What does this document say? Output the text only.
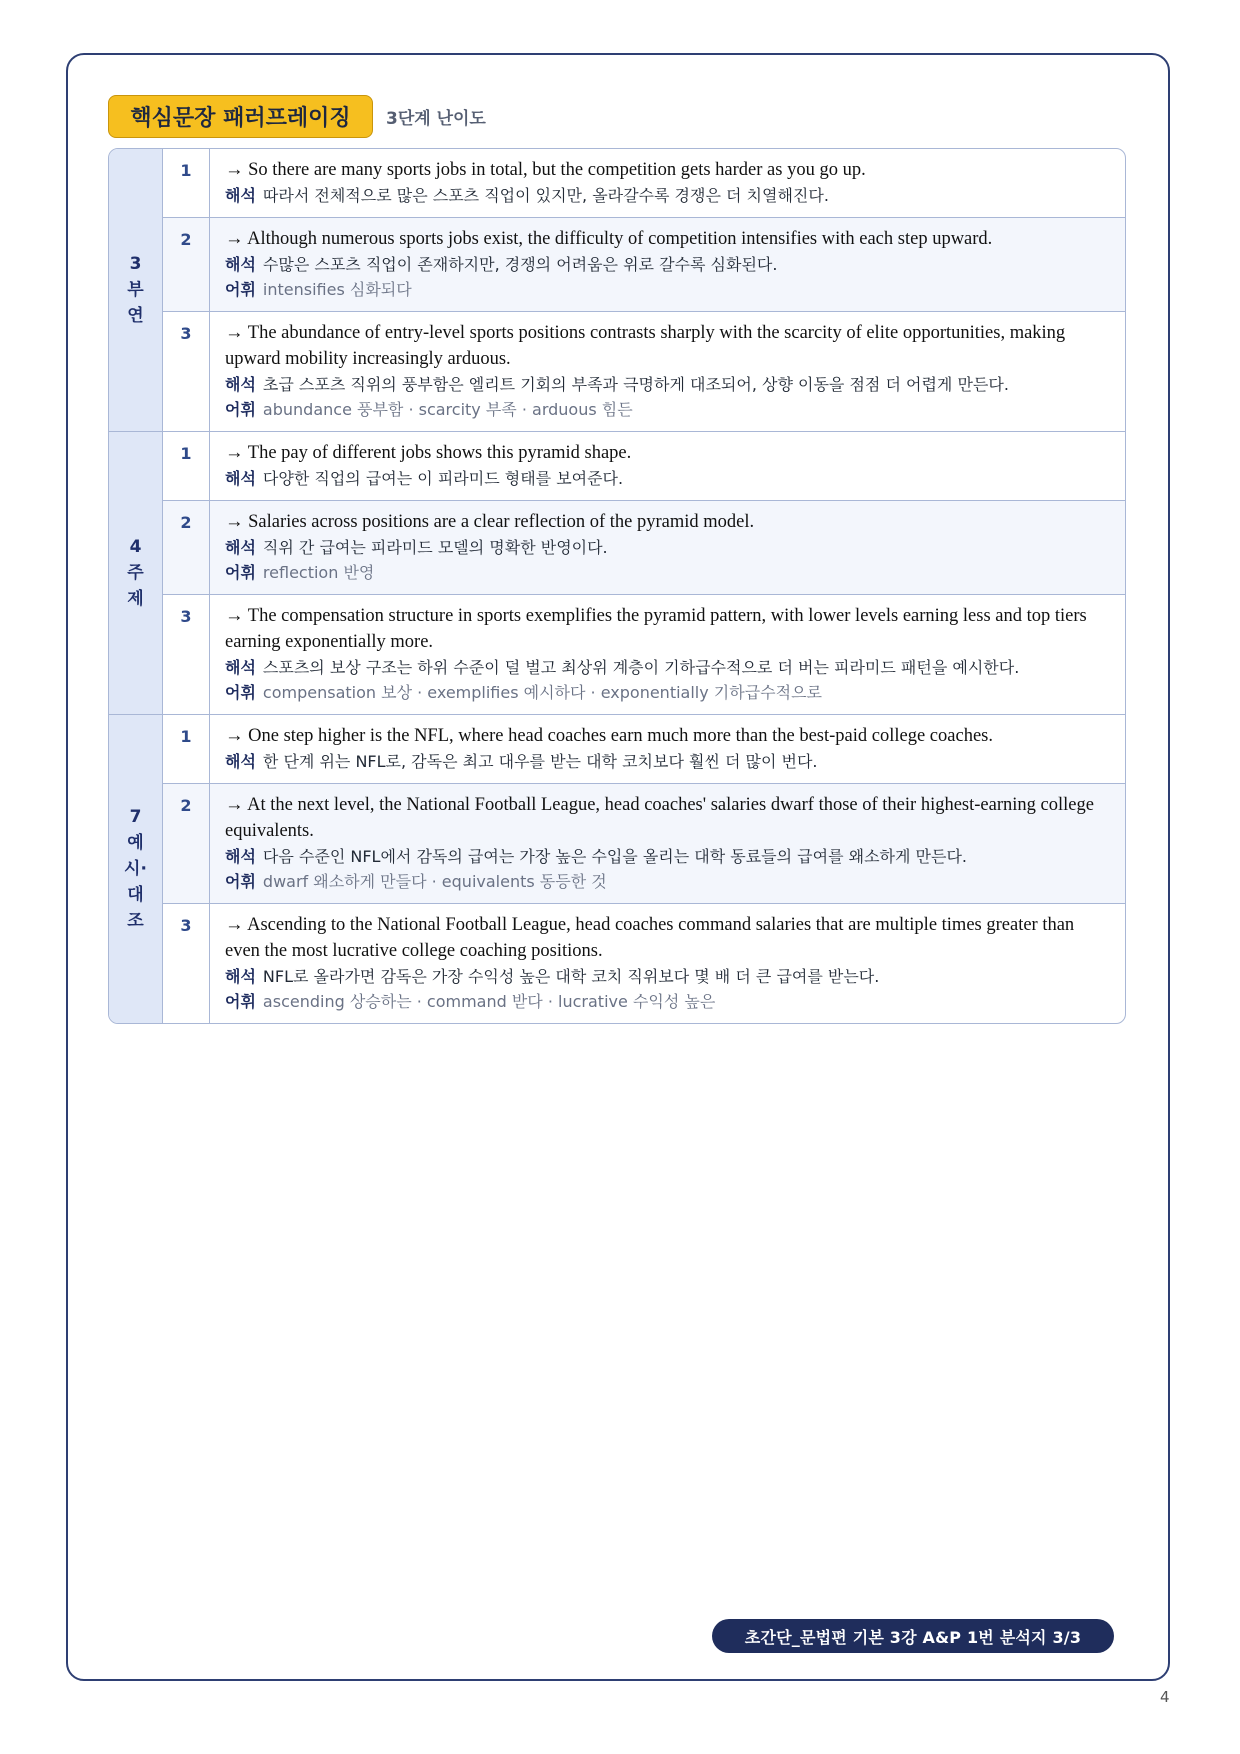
핵심문장 패러프레이징	3단계 난이도
3
부
연
1	→ So there are many sports jobs in total, but the competition gets harder as you go up.
해석 따라서 전체적으로 많은 스포츠 직업이 있지만, 올라갈수록 경쟁은 더 치열해진다.
2	→ Although numerous sports jobs exist, the difficulty of competition intensifies with each step upward.
해석 수많은 스포츠 직업이 존재하지만, 경쟁의 어려움은 위로 갈수록 심화된다.
어휘 intensifies 심화되다
3	→ The abundance of entry-level sports positions contrasts sharply with the scarcity of elite opportunities, making upward mobility increasingly arduous.
해석 초급 스포츠 직위의 풍부함은 엘리트 기회의 부족과 극명하게 대조되어, 상향 이동을 점점 더 어렵게 만든다.
어휘 abundance 풍부함 · scarcity 부족 · arduous 힘든
4
주
제
1	→ The pay of different jobs shows this pyramid shape.
해석 다양한 직업의 급여는 이 피라미드 형태를 보여준다.
2	→ Salaries across positions are a clear reflection of the pyramid model.
해석 직위 간 급여는 피라미드 모델의 명확한 반영이다.
어휘 reflection 반영
3	→ The compensation structure in sports exemplifies the pyramid pattern, with lower levels earning less and top tiers earning exponentially more.
해석 스포츠의 보상 구조는 하위 수준이 덜 벌고 최상위 계층이 기하급수적으로 더 버는 피라미드 패턴을 예시한다.
어휘 compensation 보상 · exemplifies 예시하다 · exponentially 기하급수적으로
7
예
시·
대
조
1	→ One step higher is the NFL, where head coaches earn much more than the best-paid college coaches.
해석 한 단계 위는 NFL로, 감독은 최고 대우를 받는 대학 코치보다 훨씬 더 많이 번다.
2	→ At the next level, the National Football League, head coaches' salaries dwarf those of their highest-earning college equivalents.
해석 다음 수준인 NFL에서 감독의 급여는 가장 높은 수입을 올리는 대학 동료들의 급여를 왜소하게 만든다.
어휘 dwarf 왜소하게 만들다 · equivalents 동등한 것
3	→ Ascending to the National Football League, head coaches command salaries that are multiple times greater than even the most lucrative college coaching positions.
해석 NFL로 올라가면 감독은 가장 수익성 높은 대학 코치 직위보다 몇 배 더 큰 급여를 받는다.
어휘 ascending 상승하는 · command 받다 · lucrative 수익성 높은
초간단_문법편 기본 3강 A&P 1번 분석지 3/3
4
